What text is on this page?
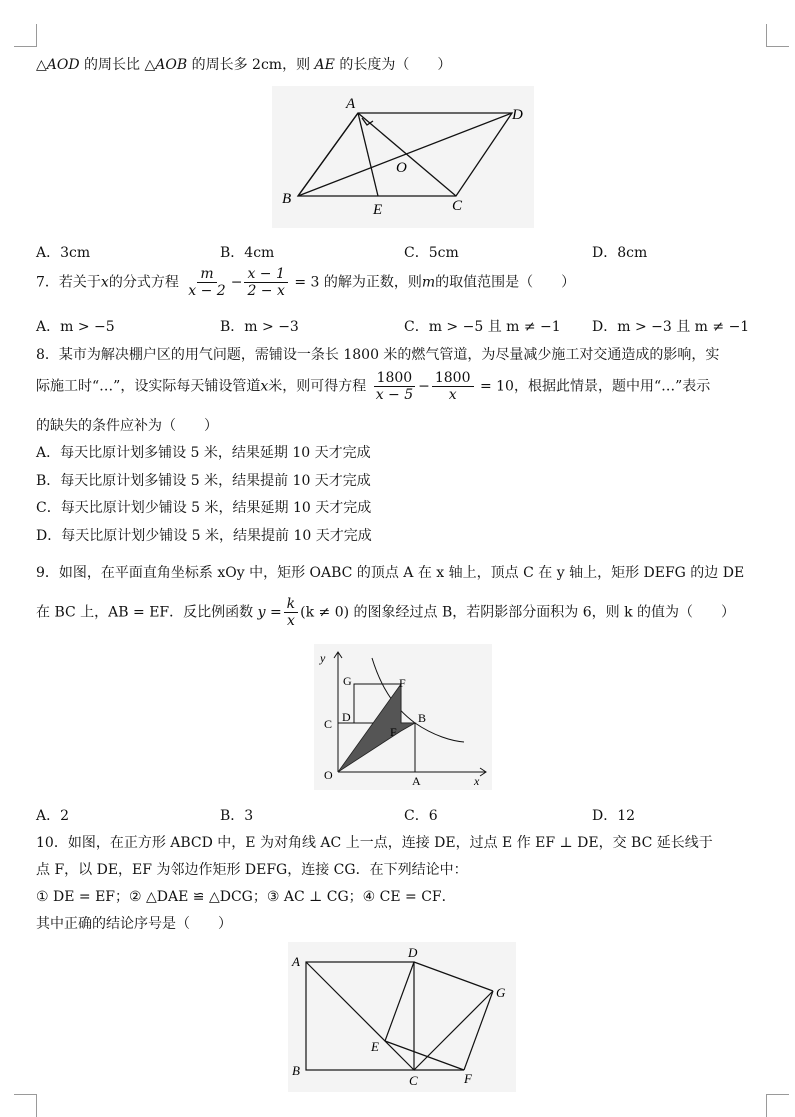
△AOD 的周长比 △AOB 的周长多 2cm，则 AE 的长度为（　　）
A
D
B
E	C
O
A．3cm	B．4cm	C．5cm	D．8cm
7．若关于x的分式方程 $\frac{m}{x - 2} - \frac{x - 1}{2 - x} = 3$ 的解为正数，则m的取值范围是（　　）
A．m > −5	B．m > −3	C．m > −5 且 m ≠ −1 D．m > −3 且 m ≠ −1
8．某市为解决棚户区的用气问题，需铺设一条长 1800 米的燃气管道，为尽量减少施工对交通造成的影响，实
际施工时“…”，设实际每天铺设管道x米，则可得方程 $\frac{1800}{x - 5} - \frac{1800}{x} = 10$，根据此情景，题中用“…”表示
的缺失的条件应补为（　　）
A．每天比原计划多铺设 5 米，结果延期 10 天才完成
B．每天比原计划多铺设 5 米，结果提前 10 天才完成
C．每天比原计划少铺设 5 米，结果延期 10 天才完成
D．每天比原计划少铺设 5 米，结果提前 10 天才完成
9．如图，在平面直角坐标系 xOy 中，矩形 OABC 的顶点 A 在 x 轴上，顶点 C 在 y 轴上，矩形 DEFG 的边 DE
在 BC 上，AB = EF．反比例函数 $y = \frac{k}{x} (k \ne 0)$ 的图象经过点 B，若阴影部分面积为 6，则 k 的值为（　　）
y
G	F
C D	B
F
O	A	x
A．2	B．3	C．6	D．12
10．如图，在正方形 ABCD 中，E 为对角线 AC 上一点，连接 DE，过点 E 作 EF ⊥ DE，交 BC 延长线于
点 F，以 DE，EF 为邻边作矩形 DEFG，连接 CG．在下列结论中：
① DE = EF；② △DAE ≌ △DCG；③ AC ⊥ CG；④ CE = CF．
其中正确的结论序号是（　　）
A
D
G
E
B
C	F
